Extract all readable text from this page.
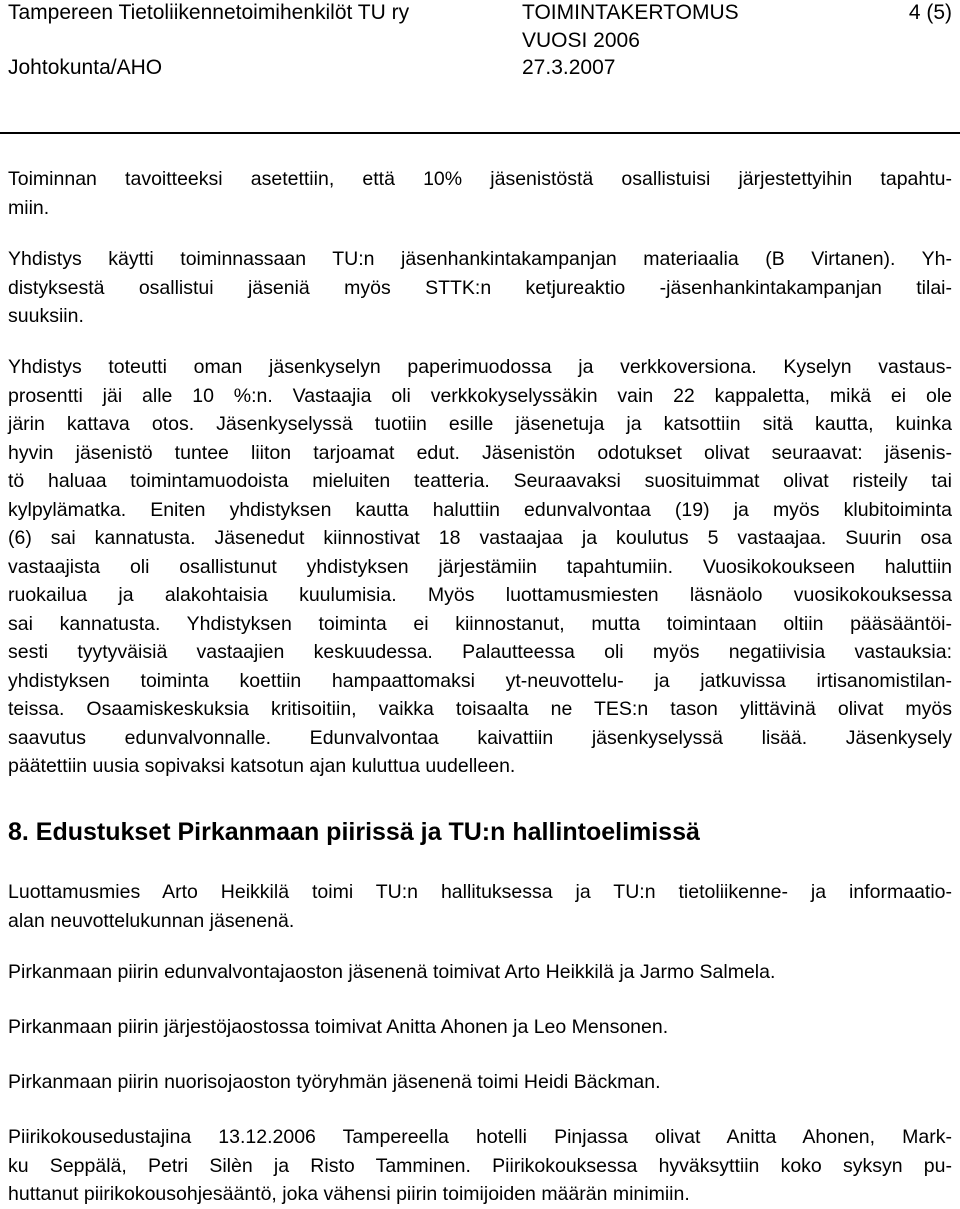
Tampereen Tietoliikennetoimihenkilöt TU ry
Johtokunta/AHO
TOIMINTAKERTOMUS
VUOSI 2006
27.3.2007
4 (5)
Toiminnan tavoitteeksi asetettiin, että 10% jäsenistöstä osallistuisi järjestettyihin tapahtu-
miin.
Yhdistys käytti toiminnassaan TU:n jäsenhankintakampanjan materiaalia (B Virtanen). Yh-
distyksestä osallistui jäseniä myös STTK:n ketjureaktio -jäsenhankintakampanjan tilai-
suuksiin.
Yhdistys toteutti oman jäsenkyselyn paperimuodossa ja verkkoversiona. Kyselyn vastaus-
prosentti jäi alle 10 %:n. Vastaajia oli verkkokyselyssäkin vain 22 kappaletta, mikä ei ole
järin kattava otos. Jäsenkyselyssä tuotiin esille jäsenetuja ja katsottiin sitä kautta, kuinka
hyvin jäsenistö tuntee liiton tarjoamat edut. Jäsenistön odotukset olivat seuraavat: jäsenis-
tö haluaa toimintamuodoista mieluiten teatteria. Seuraavaksi suosituimmat olivat risteily tai
kylpylämatka. Eniten yhdistyksen kautta haluttiin edunvalvontaa (19) ja myös klubitoiminta
(6) sai kannatusta. Jäsenedut kiinnostivat 18 vastaajaa ja koulutus 5 vastaajaa. Suurin osa
vastaajista oli osallistunut yhdistyksen järjestämiin tapahtumiin. Vuosikokoukseen haluttiin
ruokailua ja alakohtaisia kuulumisia. Myös luottamusmiesten läsnäolo vuosikokouksessa
sai kannatusta. Yhdistyksen toiminta ei kiinnostanut, mutta toimintaan oltiin pääsääntöi-
sesti tyytyväisiä vastaajien keskuudessa. Palautteessa oli myös negatiivisia vastauksia:
yhdistyksen toiminta koettiin hampaattomaksi yt-neuvottelu- ja jatkuvissa irtisanomistilan-
teissa. Osaamiskeskuksia kritisoitiin, vaikka toisaalta ne TES:n tason ylittävinä olivat myös
saavutus edunvalvonnalle. Edunvalvontaa kaivattiin jäsenkyselyssä lisää. Jäsenkysely
päätettiin uusia sopivaksi katsotun ajan kuluttua uudelleen.
8. Edustukset Pirkanmaan piirissä ja TU:n hallintoelimissä
Luottamusmies Arto Heikkilä toimi TU:n hallituksessa ja TU:n tietoliikenne- ja informaatio-
alan neuvottelukunnan jäsenenä.
Pirkanmaan piirin edunvalvontajaoston jäsenenä toimivat Arto Heikkilä ja Jarmo Salmela.
Pirkanmaan piirin järjestöjaostossa toimivat Anitta Ahonen ja Leo Mensonen.
Pirkanmaan piirin nuorisojaoston työryhmän jäsenenä toimi Heidi Bäckman.
Piirikokousedustajina 13.12.2006 Tampereella hotelli Pinjassa olivat Anitta Ahonen, Mark-
ku Seppälä, Petri Silèn ja Risto Tamminen. Piirikokouksessa hyväksyttiin koko syksyn pu-
huttanut piirikokousohjesääntö, joka vähensi piirin toimijoiden määrän minimiin.
